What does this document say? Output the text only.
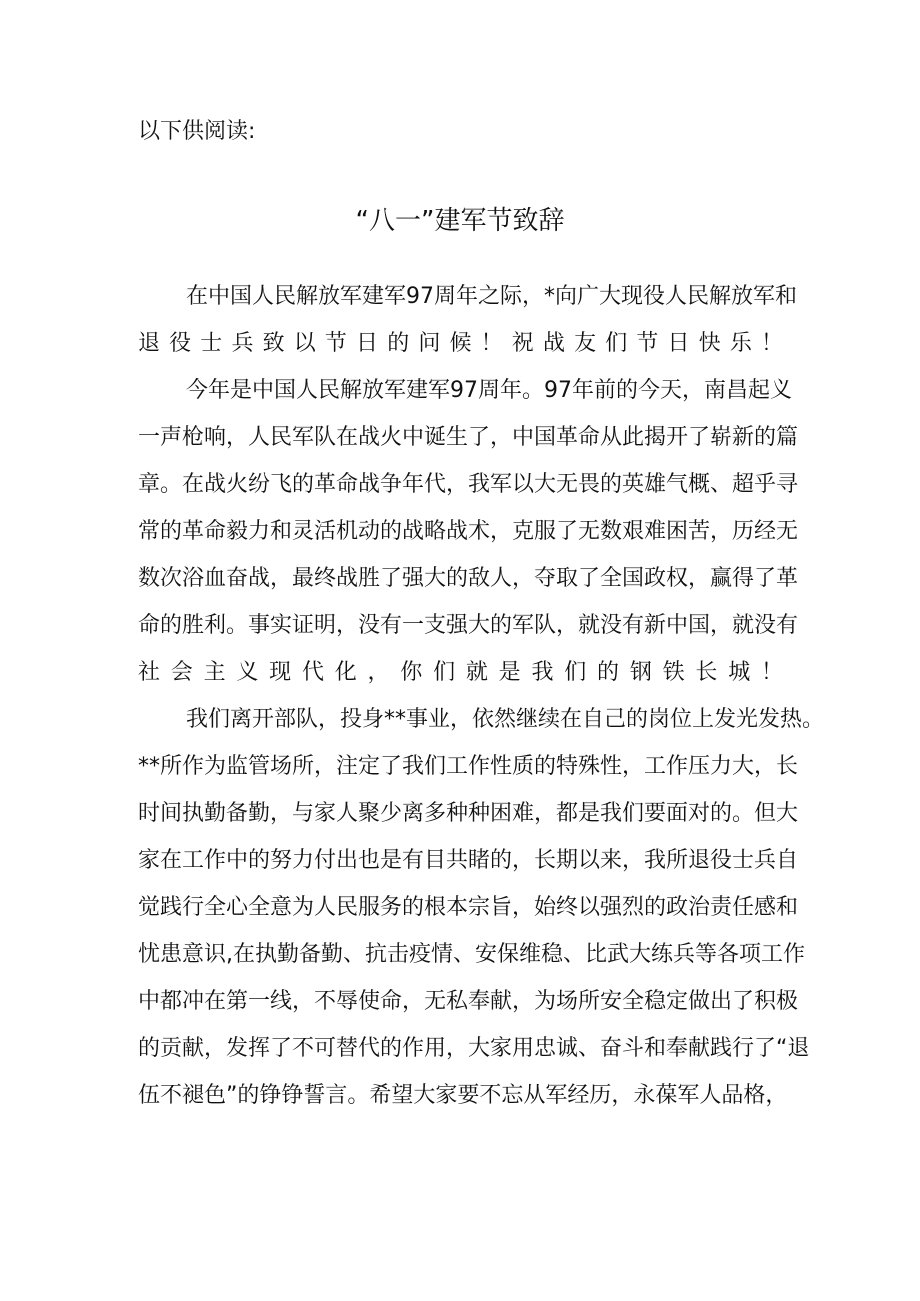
以下供阅读:
“八一”建军节致辞
在中国人民解放军建军97周年之际，*向广大现役人民解放军和
退役士兵致以节日的问候！祝战友们节日快乐！
今年是中国人民解放军建军97周年。97年前的今天，南昌起义
一声枪响，人民军队在战火中诞生了，中国革命从此揭开了崭新的篇
章。在战火纷飞的革命战争年代，我军以大无畏的英雄气概、超乎寻
常的革命毅力和灵活机动的战略战术，克服了无数艰难困苦，历经无
数次浴血奋战，最终战胜了强大的敌人，夺取了全国政权，赢得了革
命的胜利。事实证明，没有一支强大的军队，就没有新中国，就没有
社会主义现代化，你们就是我们的钢铁长城！
我们离开部队，投身**事业，依然继续在自己的岗位上发光发热。
**所作为监管场所，注定了我们工作性质的特殊性，工作压力大，长
时间执勤备勤，与家人聚少离多种种困难，都是我们要面对的。但大
家在工作中的努力付出也是有目共睹的，长期以来，我所退役士兵自
觉践行全心全意为人民服务的根本宗旨，始终以强烈的政治责任感和
忧患意识,在执勤备勤、抗击疫情、安保维稳、比武大练兵等各项工作
中都冲在第一线，不辱使命，无私奉献，为场所安全稳定做出了积极
的贡献，发挥了不可替代的作用，大家用忠诚、奋斗和奉献践行了“退
伍不褪色”的铮铮誓言。希望大家要不忘从军经历，永葆军人品格，
